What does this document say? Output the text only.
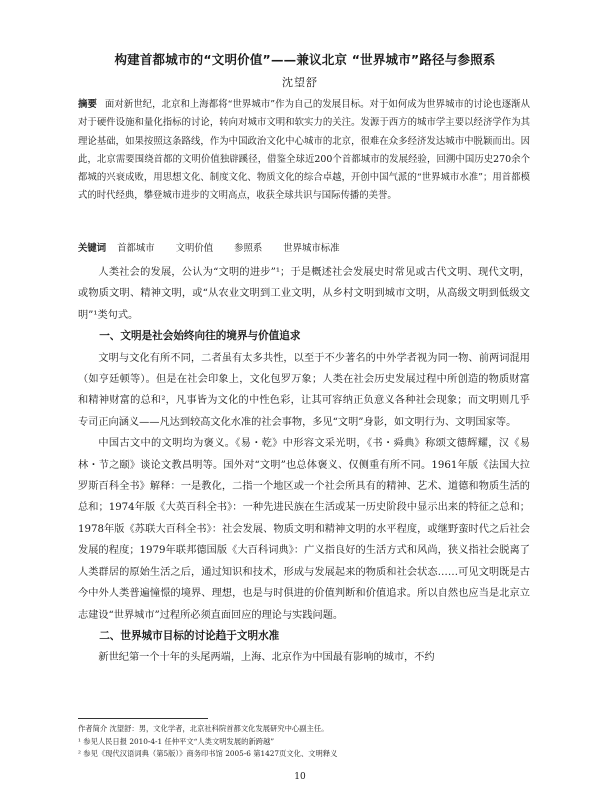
构建首都城市的“文明价值”——兼议北京 “世界城市”路径与参照系
沈望舒
摘要 面对新世纪，北京和上海都将“世界城市”作为自己的发展目标。对于如何成为世界城市的讨论也逐渐从对于硬件设施和量化指标的讨论，转向对城市文明和软实力的关注。发源于西方的城市学主要以经济学作为其理论基础，如果按照这条路线，作为中国政治文化中心城市的北京，很难在众多经济发达城市中脱颖而出。因此，北京需要围绕首都的文明价值独辟蹊径，借鉴全球近200个首都城市的发展经验，回溯中国历史270余个都城的兴衰成败，用思想文化、制度文化、物质文化的综合卓越，开创中国气派的“世界城市水准”；用首都模式的时代经典，攀登城市进步的文明高点，收获全球共识与国际传播的美誉。
关键词 首都城市 文明价值 参照系 世界城市标准

人类社会的发展，公认为“文明的进步”¹；于是概述社会发展史时常见或古代文明、现代文明，或物质文明、精神文明，或“从农业文明到工业文明，从乡村文明到城市文明，从高级文明到低级文明”¹类句式。

一、文明是社会始终向往的境界与价值追求

文明与文化有所不同，二者虽有太多共性，以至于不少著名的中外学者视为同一物、前两词混用（如亨廷顿等）。但是在社会印象上，文化包罗万象；人类在社会历史发展过程中所创造的物质财富和精神财富的总和²，凡事皆为文化的中性色彩，让其可容纳正负意义各种社会现象；而文明则几乎专司正向涵义——凡达到较高文化水准的社会事物，多见“文明”身影，如文明行为、文明国家等。

中国古文中的文明均为褒义。《易・乾》中形容文采光明，《书・舜典》称颂文德辉耀，汉《易林・节之颐》谈论文教昌明等。国外对“文明”也总体褒义、仅侧重有所不同。1961年版《法国大拉罗斯百科全书》解释：一是教化，二指一个地区或一个社会所具有的精神、艺术、道德和物质生活的总和；1974年版《大英百科全书》：一种先进民族在生活或某一历史阶段中显示出来的特征之总和；1978年版《苏联大百科全书》：社会发展、物质文明和精神文明的水平程度，或继野蛮时代之后社会发展的程度；1979年联邦德国版《大百科词典》：广义指良好的生活方式和风尚，狭义指社会脱离了人类群居的原始生活之后，通过知识和技术，形成与发展起来的物质和社会状态……可见文明既是古今中外人类普遍憧憬的境界、理想，也是与时俱进的价值判断和价值追求。所以自然也应当是北京立志建设“世界城市”过程所必须直面回应的理论与实践问题。

二、世界城市目标的讨论趋于文明水准

新世纪第一个十年的头尾两端，上海、北京作为中国最有影响的城市，不约

作者简介 沈望舒：男，文化学者，北京社科院首都文化发展研究中心副主任。
¹ 参见人民日报 2010-4-1 任仲平文“人类文明发展的新跨越”
² 参见《现代汉语词典（第5版）》商务印书馆 2005-6 第1427页文化、文明释义
10
